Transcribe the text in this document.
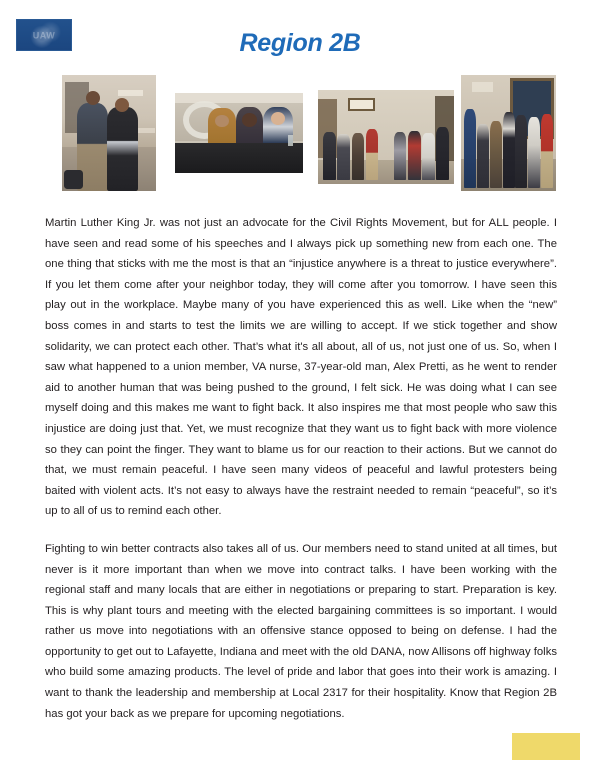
UAW	Region 2B

Martin Luther King Jr. was not just an advocate for the Civil Rights Movement, but for ALL people. I have seen and read some of his speeches and I always pick up something new from each one. The one thing that sticks with me the most is that an “injustice anywhere is a threat to justice everywhere”. If you let them come after your neighbor today, they will come after you tomorrow. I have seen this play out in the workplace. Maybe many of you have experienced this as well. Like when the “new” boss comes in and starts to test the limits we are willing to accept. If we stick together and show solidarity, we can protect each other. That’s what it's all about, all of us, not just one of us. So, when I saw what happened to a union member, VA nurse, 37-year-old man, Alex Pretti, as he went to render aid to another human that was being pushed to the ground, I felt sick. He was doing what I can see myself doing and this makes me want to fight back. It also inspires me that most people who saw this injustice are doing just that. Yet, we must recognize that they want us to fight back with more violence so they can point the finger. They want to blame us for our reaction to their actions. But we cannot do that, we must remain peaceful. I have seen many videos of peaceful and lawful protesters being baited with violent acts. It’s not easy to always have the restraint needed to remain “peaceful”, so it’s up to all of us to remind each other.

Fighting to win better contracts also takes all of us. Our members need to stand united at all times, but never is it more important than when we move into contract talks. I have been working with the regional staff and many locals that are either in negotiations or preparing to start. Preparation is key. This is why plant tours and meeting with the elected bargaining committees is so important. I would rather us move into negotiations with an offensive stance opposed to being on defense. I had the opportunity to get out to Lafayette, Indiana and meet with the old DANA, now Allisons off highway folks who build some amazing products. The level of pride and labor that goes into their work is amazing. I want to thank the leadership and membership at Local 2317 for their hospitality. Know that Region 2B has got your back as we prepare for upcoming negotiations.
